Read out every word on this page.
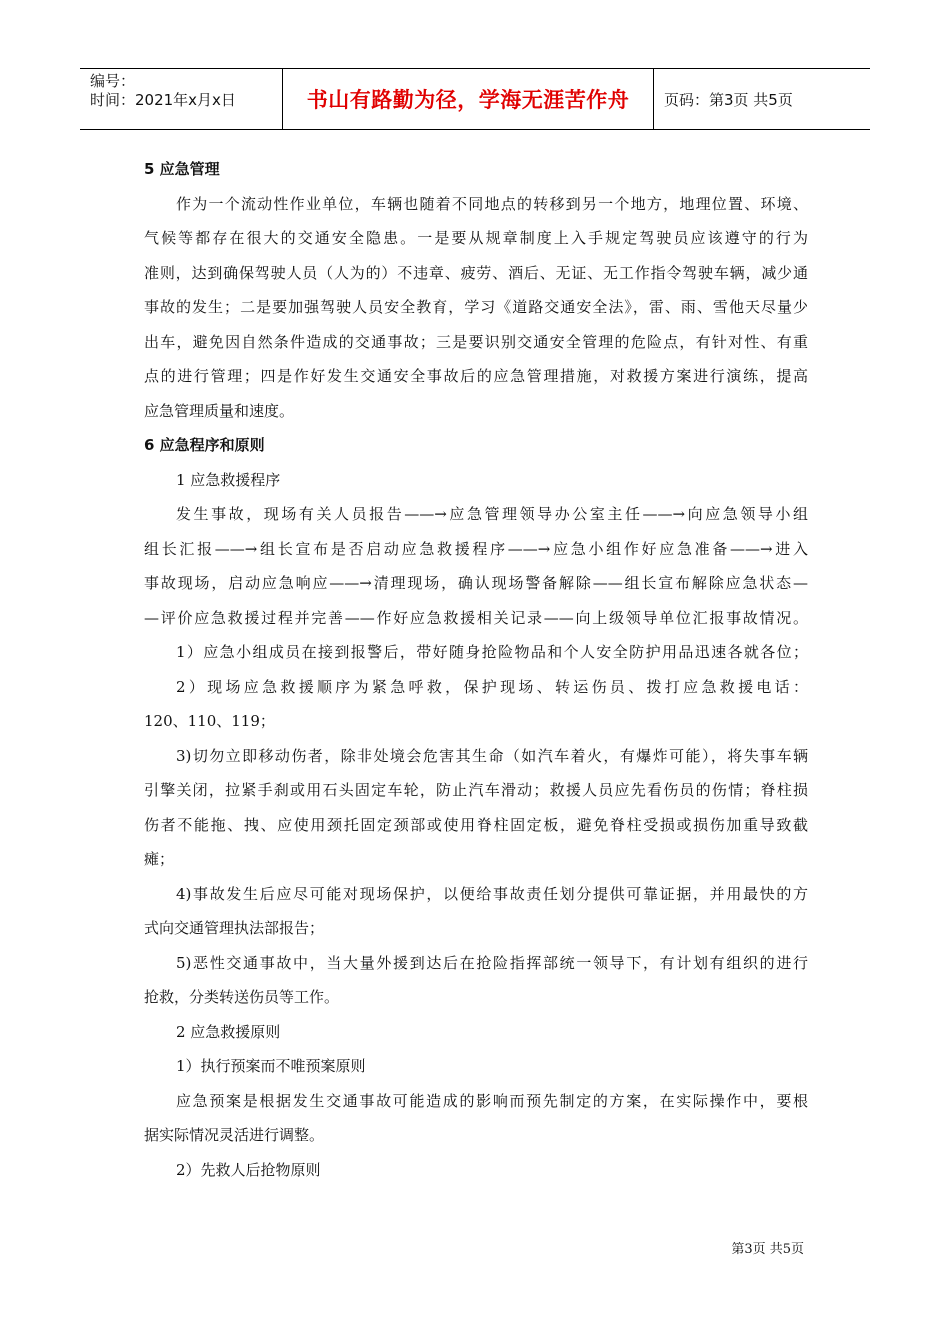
编号：
时间：2021年x月x日	书山有路勤为径，学海无涯苦作舟	页码：第3页 共5页
5 应急管理
作为一个流动性作业单位，车辆也随着不同地点的转移到另一个地方，地理位置、环境、
气候等都存在很大的交通安全隐患。一是要从规章制度上入手规定驾驶员应该遵守的行为
准则，达到确保驾驶人员（人为的）不违章、疲劳、酒后、无证、无工作指令驾驶车辆，减少通
事故的发生；二是要加强驾驶人员安全教育，学习《道路交通安全法》，雷、雨、雪他天尽量少
出车，避免因自然条件造成的交通事故；三是要识别交通安全管理的危险点，有针对性、有重
点的进行管理；四是作好发生交通安全事故后的应急管理措施，对救援方案进行演练，提高
应急管理质量和速度。
6 应急程序和原则
1 应急救援程序
发生事故，现场有关人员报告——→应急管理领导办公室主任——→向应急领导小组
组长汇报——→组长宣布是否启动应急救援程序——→应急小组作好应急准备——→进入
事故现场，启动应急响应——→清理现场，确认现场警备解除——组长宣布解除应急状态—
—评价应急救援过程并完善——作好应急救援相关记录——向上级领导单位汇报事故情况。
1）应急小组成员在接到报警后，带好随身抢险物品和个人安全防护用品迅速各就各位；
2）现场应急救援顺序为紧急呼救，保护现场、转运伤员、拨打应急救援电话：
120、110、119；
3)切勿立即移动伤者，除非处境会危害其生命（如汽车着火，有爆炸可能），将失事车辆
引擎关闭，拉紧手刹或用石头固定车轮，防止汽车滑动；救援人员应先看伤员的伤情；脊柱损
伤者不能拖、拽、应使用颈托固定颈部或使用脊柱固定板，避免脊柱受损或损伤加重导致截
瘫；
4)事故发生后应尽可能对现场保护，以便给事故责任划分提供可靠证据，并用最快的方
式向交通管理执法部报告；
5)恶性交通事故中，当大量外援到达后在抢险指挥部统一领导下，有计划有组织的进行
抢救，分类转送伤员等工作。
2 应急救援原则
1）执行预案而不唯预案原则
应急预案是根据发生交通事故可能造成的影响而预先制定的方案，在实际操作中，要根
据实际情况灵活进行调整。
2）先救人后抢物原则
第3页 共5页
